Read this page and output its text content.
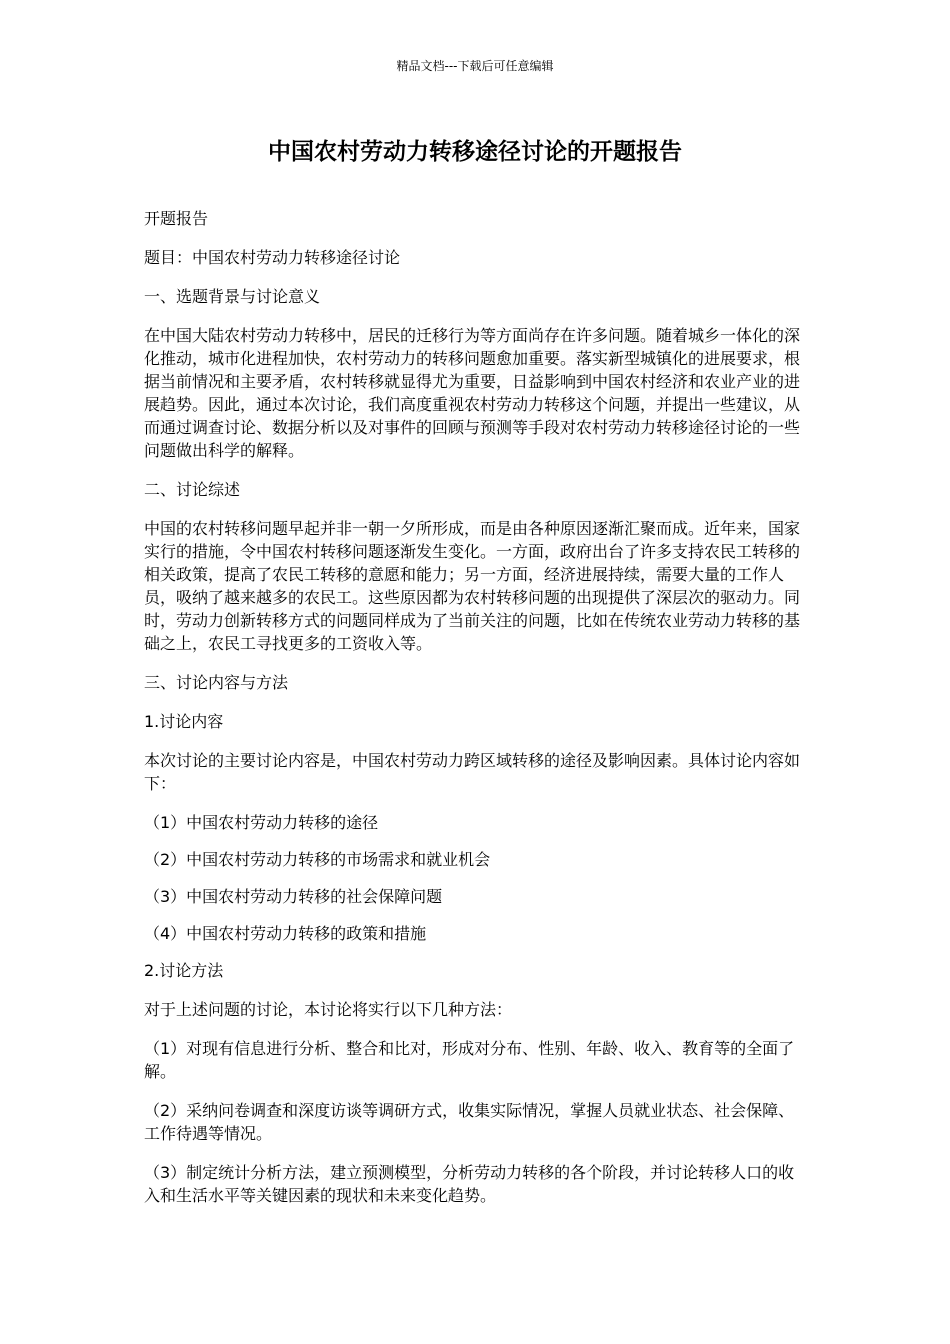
精品文档---下载后可任意编辑
中国农村劳动力转移途径讨论的开题报告

开题报告

题目：中国农村劳动力转移途径讨论

一、选题背景与讨论意义

在中国大陆农村劳动力转移中，居民的迁移行为等方面尚存在许多问题。随着城乡一体化的深化推动，城市化进程加快，农村劳动力的转移问题愈加重要。落实新型城镇化的进展要求，根据当前情况和主要矛盾，农村转移就显得尤为重要，日益影响到中国农村经济和农业产业的进展趋势。因此，通过本次讨论，我们高度重视农村劳动力转移这个问题，并提出一些建议，从而通过调查讨论、数据分析以及对事件的回顾与预测等手段对农村劳动力转移途径讨论的一些问题做出科学的解释。

二、讨论综述

中国的农村转移问题早起并非一朝一夕所形成，而是由各种原因逐渐汇聚而成。近年来，国家实行的措施，令中国农村转移问题逐渐发生变化。一方面，政府出台了许多支持农民工转移的相关政策，提高了农民工转移的意愿和能力；另一方面，经济进展持续，需要大量的工作人员，吸纳了越来越多的农民工。这些原因都为农村转移问题的出现提供了深层次的驱动力。同时，劳动力创新转移方式的问题同样成为了当前关注的问题，比如在传统农业劳动力转移的基础之上，农民工寻找更多的工资收入等。

三、讨论内容与方法

1.讨论内容

本次讨论的主要讨论内容是，中国农村劳动力跨区域转移的途径及影响因素。具体讨论内容如下：

（1）中国农村劳动力转移的途径

（2）中国农村劳动力转移的市场需求和就业机会

（3）中国农村劳动力转移的社会保障问题

（4）中国农村劳动力转移的政策和措施

2.讨论方法

对于上述问题的讨论，本讨论将实行以下几种方法：

（1）对现有信息进行分析、整合和比对，形成对分布、性别、年龄、收入、教育等的全面了解。

（2）采纳问卷调查和深度访谈等调研方式，收集实际情况，掌握人员就业状态、社会保障、工作待遇等情况。

（3）制定统计分析方法，建立预测模型，分析劳动力转移的各个阶段，并讨论转移人口的收入和生活水平等关键因素的现状和未来变化趋势。
